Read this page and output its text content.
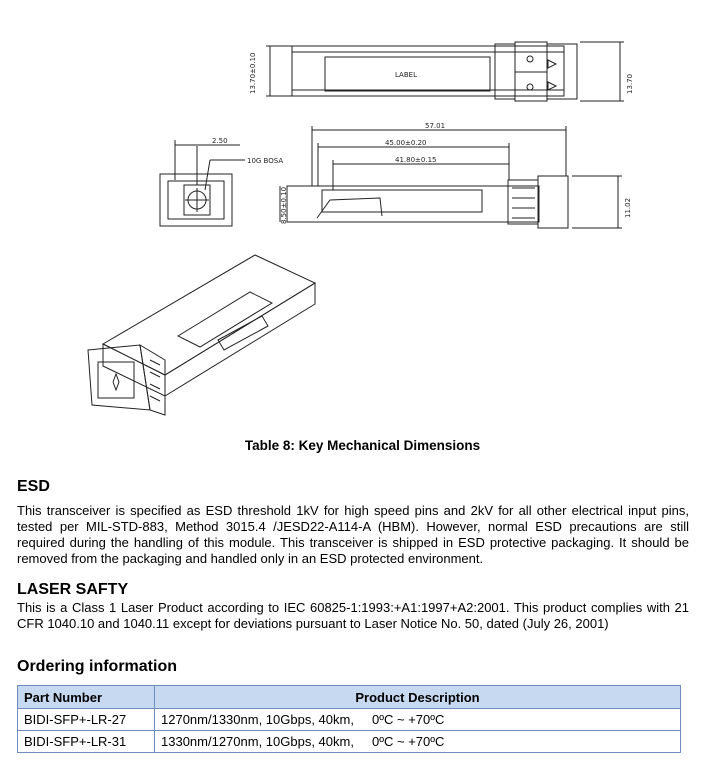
13.70±0.10	13.70
LABEL
2.50
10G BOSA
57.01
45.00±0.20
41.80±0.15
8.50±0.10	11.02
Table 8: Key Mechanical Dimensions
ESD
This transceiver is specified as ESD threshold 1kV for high speed pins and 2kV for all other electrical input pins, tested per MIL-STD-883, Method 3015.4 /JESD22-A114-A (HBM). However, normal ESD precautions are still required during the handling of this module. This transceiver is shipped in ESD protective packaging. It should be removed from the packaging and handled only in an ESD protected environment.
LASER SAFTY
This is a Class 1 Laser Product according to IEC 60825-1:1993:+A1:1997+A2:2001. This product complies with 21 CFR 1040.10 and 1040.11 except for deviations pursuant to Laser Notice No. 50, dated (July 26, 2001)
Ordering information
Part Number	Product Description
BIDI-SFP+-LR-27	1270nm/1330nm, 10Gbps, 40km,     0ºC ~ +70ºC
BIDI-SFP+-LR-31	1330nm/1270nm, 10Gbps, 40km,     0ºC ~ +70ºC
